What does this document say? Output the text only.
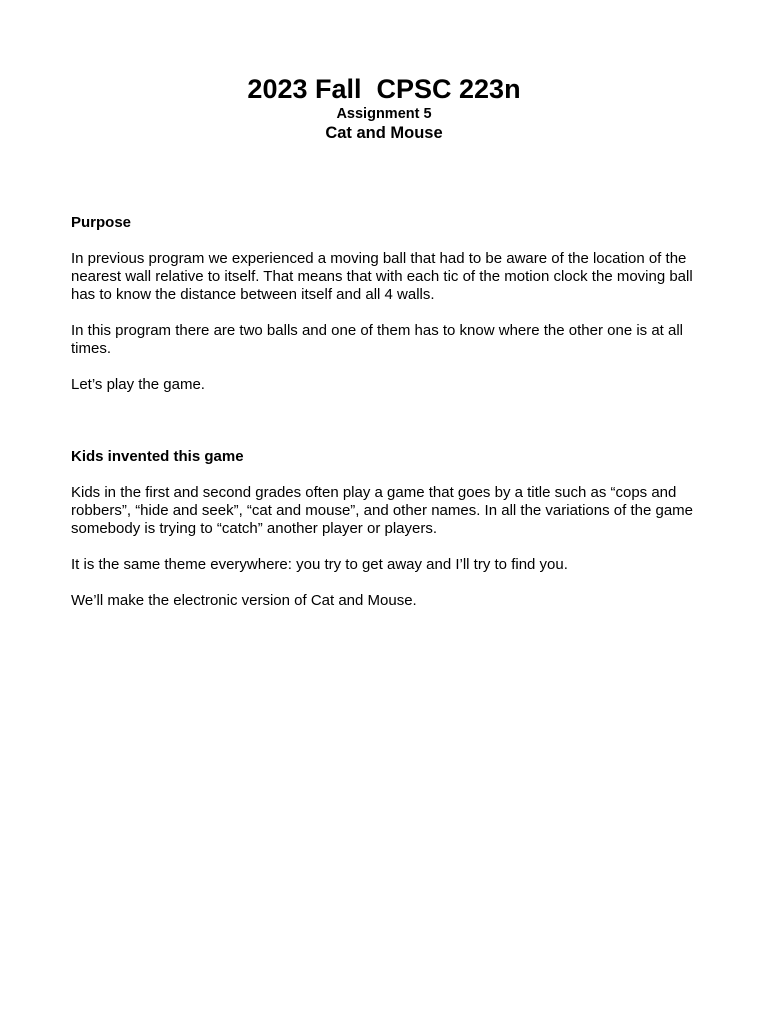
2023 Fall  CPSC 223n
Assignment 5
Cat and Mouse
Purpose

In previous program we experienced a moving ball that had to be aware of the location of the nearest wall relative to itself. That means that with each tic of the motion clock the moving ball has to know the distance between itself and all 4 walls.

In this program there are two balls and one of them has to know where the other one is at all times.

Let’s play the game.

Kids invented this game

Kids in the first and second grades often play a game that goes by a title such as “cops and robbers”, “hide and seek”, “cat and mouse”, and other names. In all the variations of the game somebody is trying to “catch” another player or players.

It is the same theme everywhere: you try to get away and I’ll try to find you.

We’ll make the electronic version of Cat and Mouse.
